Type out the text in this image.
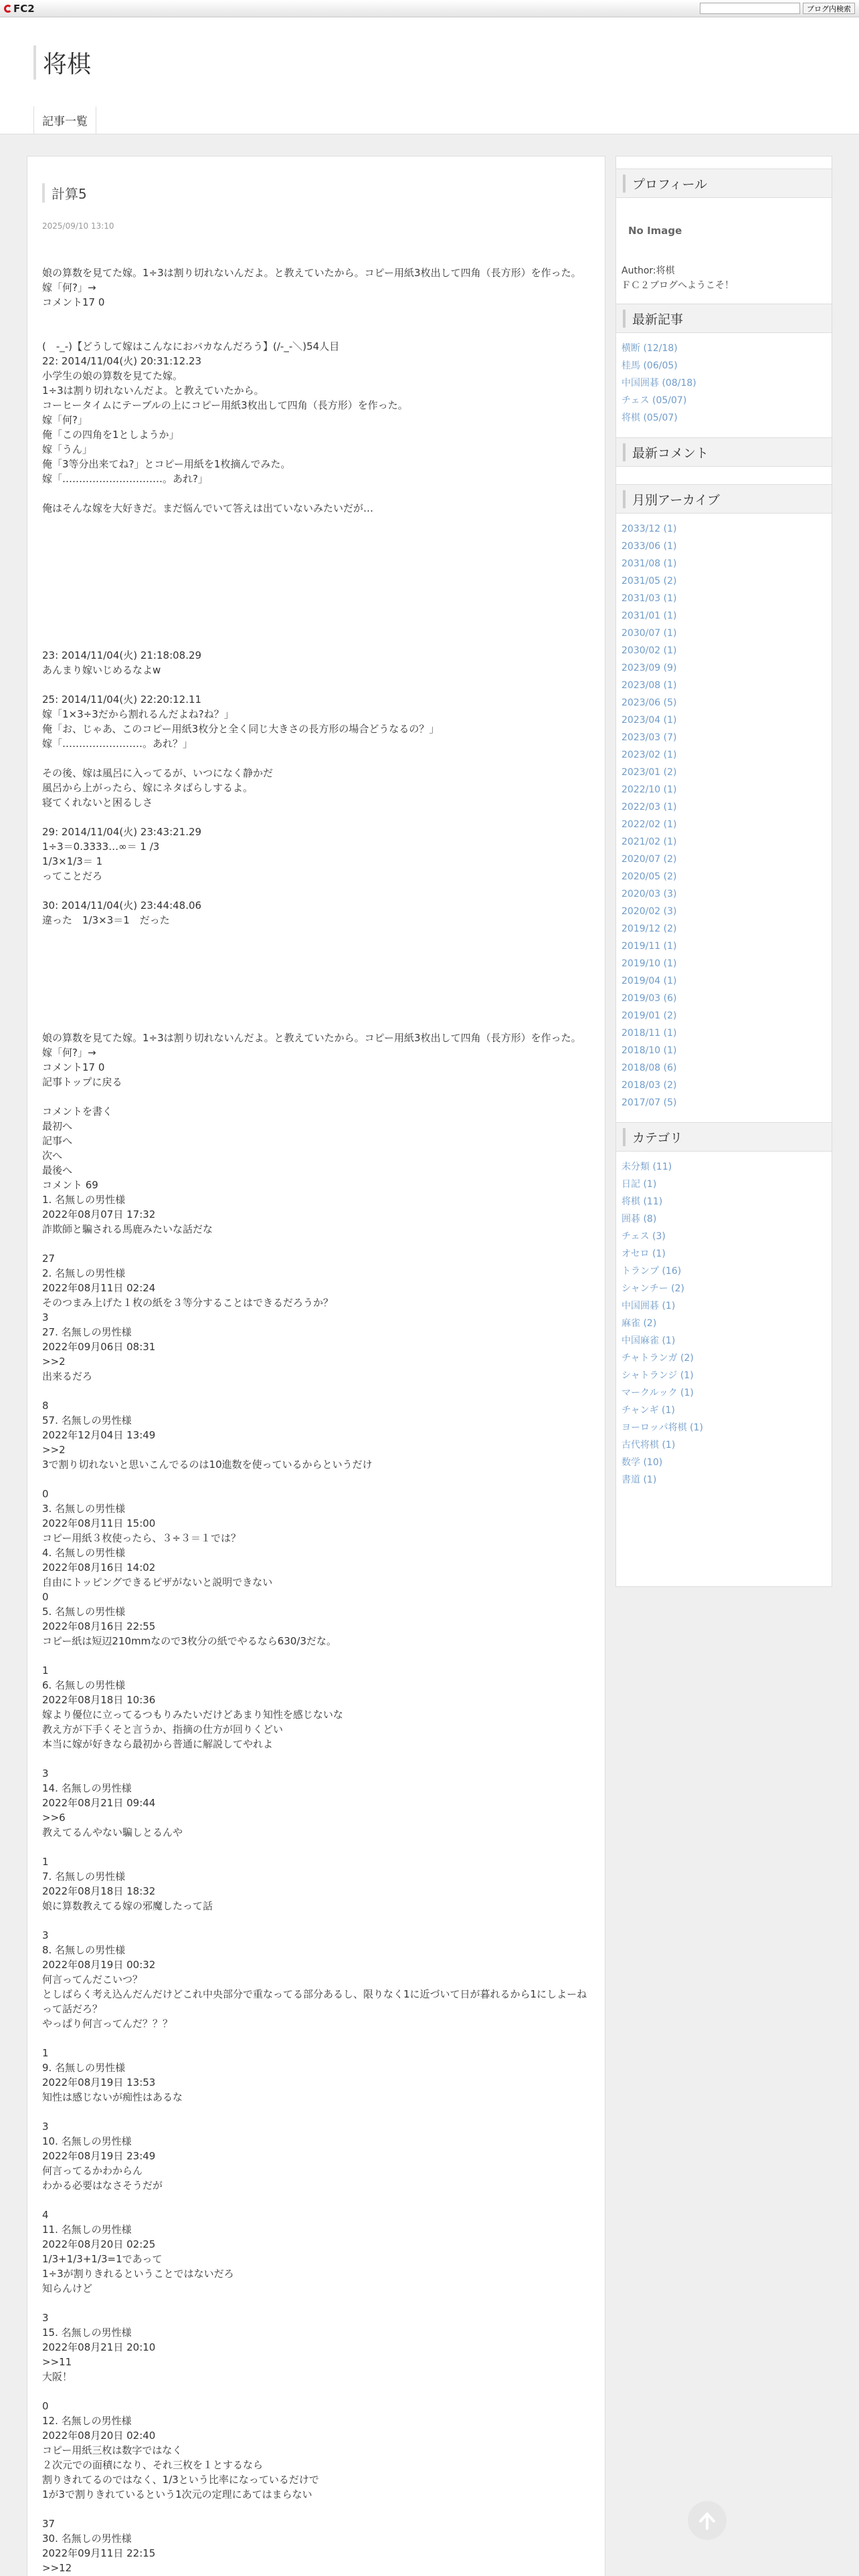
FC2	ブログ内検索
将棋
記事一覧
計算5
2025/09/10 13:10

娘の算数を見てた嫁。1÷3は割り切れないんだよ。と教えていたから。コピー用紙3枚出して四角（長方形）を作った。嫁「何?」→

コメント17 0

(　-_-)【どうして嫁はこんなにおバカなんだろう】(/-_-＼)54人目

22: 2014/11/04(火) 20:31:12.23

小学生の娘の算数を見てた嫁。

1÷3は割り切れないんだよ。と教えていたから。

コーヒータイムにテーブルの上にコピー用紙3枚出して四角（長方形）を作った。

嫁「何?」

俺「この四角を1としようか」

嫁「うん」

俺「3等分出来てね?」とコピー用紙を1枚摘んでみた。

嫁「…………………………。あれ?」

俺はそんな嫁を大好きだ。まだ悩んでいて答えは出ていないみたいだが…

23: 2014/11/04(火) 21:18:08.29

あんまり嫁いじめるなよw

25: 2014/11/04(火) 22:20:12.11

嫁「1×3÷3だから割れるんだよね?ね？」

俺「お、じゃあ、このコピー用紙3枚分と全く同じ大きさの長方形の場合どうなるの？」

嫁「……………………。あれ？」

その後、嫁は風呂に入ってるが、いつになく静かだ

風呂から上がったら、嫁にネタばらしするよ。

寝てくれないと困るしさ

29: 2014/11/04(火) 23:43:21.29

1÷3＝0.3333…∞＝ 1 /3

1/3×1/3＝ 1

ってことだろ

30: 2014/11/04(火) 23:44:48.06

違った　1/3×3＝1　だった

娘の算数を見てた嫁。1÷3は割り切れないんだよ。と教えていたから。コピー用紙3枚出して四角（長方形）を作った。嫁「何?」→

コメント17 0

記事トップに戻る

コメントを書く

最初へ

記事へ

次へ

最後へ

コメント 69

1. 名無しの男性様

2022年08月07日 17:32

詐欺師と騙される馬鹿みたいな話だな

27

2. 名無しの男性様

2022年08月11日 02:24

そのつまみ上げた１枚の紙を３等分することはできるだろうか？

3

27. 名無しの男性様

2022年09月06日 08:31

>>2

出来るだろ

8

57. 名無しの男性様

2022年12月04日 13:49

>>2

3で割り切れないと思いこんでるのは10進数を使っているからというだけ

0

3. 名無しの男性様

2022年08月11日 15:00

コピー用紙３枚使ったら、３÷３＝１では？

4. 名無しの男性様

2022年08月16日 14:02

自由にトッピングできるピザがないと説明できない

0

5. 名無しの男性様

2022年08月16日 22:55

コピー紙は短辺210mmなので3枚分の紙でやるなら630/3だな。

1

6. 名無しの男性様

2022年08月18日 10:36

嫁より優位に立ってるつもりみたいだけどあまり知性を感じないな

教え方が下手くそと言うか、指摘の仕方が回りくどい

本当に嫁が好きなら最初から普通に解説してやれよ

3

14. 名無しの男性様

2022年08月21日 09:44

>>6

教えてるんやない騙しとるんや

1

7. 名無しの男性様

2022年08月18日 18:32

娘に算数教えてる嫁の邪魔したって話

3

8. 名無しの男性様

2022年08月19日 00:32

何言ってんだこいつ？

としばらく考え込んだんだけどこれ中央部分で重なってる部分あるし、限りなく1に近づいて日が暮れるから1にしよーねって話だろ？

やっぱり何言ってんだ？？？

1

9. 名無しの男性様

2022年08月19日 13:53

知性は感じないが痴性はあるな

3

10. 名無しの男性様

2022年08月19日 23:49

何言ってるかわからん

わかる必要はなさそうだが

4

11. 名無しの男性様

2022年08月20日 02:25

1/3+1/3+1/3=1であって

1÷3が割りきれるということではないだろ

知らんけど

3

15. 名無しの男性様

2022年08月21日 20:10

>>11

大阪！

0

12. 名無しの男性様

2022年08月20日 02:40

コピー用紙三枚は数字ではなく

２次元での面積になり、それ三枚を１とするなら

割りきれてるのではなく、1/3という比率になっているだけで

1が3で割りきれているという1次元の定理にあてはまらない

37

30. 名無しの男性様

2022年09月11日 22:15

>>12

プロフィール
No Image
Author:将棋
ＦＣ２ブログへようこそ！
最新記事
横断 (12/18)
桂馬 (06/05)
中国囲碁 (08/18)
チェス (05/07)
将棋 (05/07)
最新コメント
月別アーカイブ
2033/12 (1)
2033/06 (1)
2031/08 (1)
2031/05 (2)
2031/03 (1)
2031/01 (1)
2030/07 (1)
2030/02 (1)
2023/09 (9)
2023/08 (1)
2023/06 (5)
2023/04 (1)
2023/03 (7)
2023/02 (1)
2023/01 (2)
2022/10 (1)
2022/03 (1)
2022/02 (1)
2021/02 (1)
2020/07 (2)
2020/05 (2)
2020/03 (3)
2020/02 (3)
2019/12 (2)
2019/11 (1)
2019/10 (1)
2019/04 (1)
2019/03 (6)
2019/01 (2)
2018/11 (1)
2018/10 (1)
2018/08 (6)
2018/03 (2)
2017/07 (5)
カテゴリ
未分類 (11)
日記 (1)
将棋 (11)
囲碁 (8)
チェス (3)
オセロ (1)
トランプ (16)
シャンチー (2)
中国囲碁 (1)
麻雀 (2)
中国麻雀 (1)
チャトランガ (2)
シャトランジ (1)
マークルック (1)
チャンギ (1)
ヨーロッパ将棋 (1)
古代将棋 (1)
数学 (10)
書道 (1)
